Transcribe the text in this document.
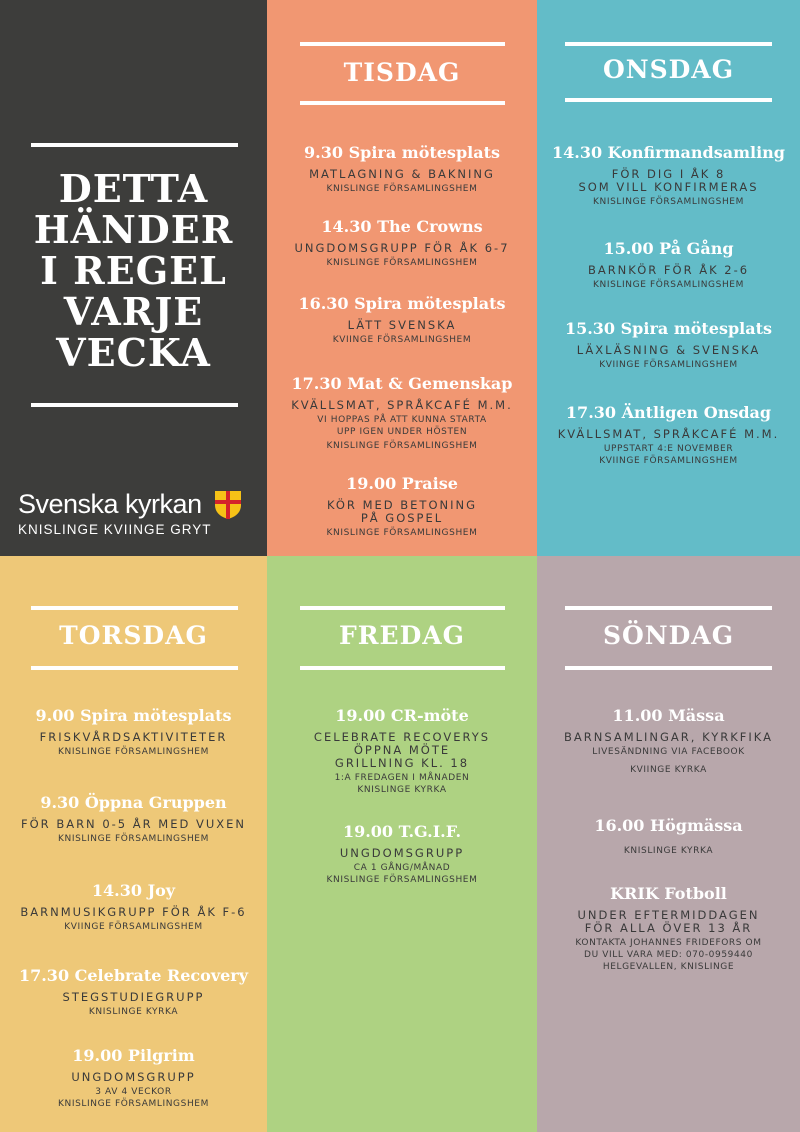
DETTA
HÄNDER
I REGEL
VARJE
VECKA
Svenska kyrkan
KNISLINGE KVIINGE GRYT
TISDAG
9.30 Spira mötesplats
MATLAGNING & BAKNING
KNISLINGE FÖRSAMLINGSHEM
14.30 The Crowns
UNGDOMSGRUPP FÖR ÅK 6-7
KNISLINGE FÖRSAMLINGSHEM
16.30 Spira mötesplats
LÄTT SVENSKA
KVIINGE FÖRSAMLINGSHEM
17.30 Mat & Gemenskap
KVÄLLSMAT, SPRÅKCAFÉ M.M.
VI HOPPAS PÅ ATT KUNNA STARTA
UPP IGEN UNDER HÖSTEN
KNISLINGE FÖRSAMLINGSHEM
19.00 Praise
KÖR MED BETONING
PÅ GOSPEL
KNISLINGE FÖRSAMLINGSHEM
ONSDAG
14.30 Konfirmandsamling
FÖR DIG I ÅK 8
SOM VILL KONFIRMERAS
KNISLINGE FÖRSAMLINGSHEM
15.00 På Gång
BARNKÖR FÖR ÅK 2-6
KNISLINGE FÖRSAMLINGSHEM
15.30 Spira mötesplats
LÄXLÄSNING & SVENSKA
KVIINGE FÖRSAMLINGSHEM
17.30 Äntligen Onsdag
KVÄLLSMAT, SPRÅKCAFÉ M.M.
UPPSTART 4:E NOVEMBER
KVIINGE FÖRSAMLINGSHEM
TORSDAG
9.00 Spira mötesplats
FRISKVÅRDSAKTIVITETER
KNISLINGE FÖRSAMLINGSHEM
9.30 Öppna Gruppen
FÖR BARN 0-5 ÅR MED VUXEN
KNISLINGE FÖRSAMLINGSHEM
14.30 Joy
BARNMUSIKGRUPP FÖR ÅK F-6
KVIINGE FÖRSAMLINGSHEM
17.30 Celebrate Recovery
STEGSTUDIEGRUPP
KNISLINGE KYRKA
19.00 Pilgrim
UNGDOMSGRUPP
3 AV 4 VECKOR
KNISLINGE FÖRSAMLINGSHEM
FREDAG
19.00 CR-möte
CELEBRATE RECOVERYS
ÖPPNA MÖTE
GRILLNING KL. 18
1:A FREDAGEN I MÅNADEN
KNISLINGE KYRKA
19.00 T.G.I.F.
UNGDOMSGRUPP
CA 1 GÅNG/MÅNAD
KNISLINGE FÖRSAMLINGSHEM
SÖNDAG
11.00 Mässa
BARNSAMLINGAR, KYRKFIKA
LIVESÄNDNING VIA FACEBOOK
KVIINGE KYRKA
16.00 Högmässa
KNISLINGE KYRKA
KRIK Fotboll
UNDER EFTERMIDDAGEN
FÖR ALLA ÖVER 13 ÅR
KONTAKTA JOHANNES FRIDEFORS OM
DU VILL VARA MED: 070-0959440
HELGEVALLEN, KNISLINGE
